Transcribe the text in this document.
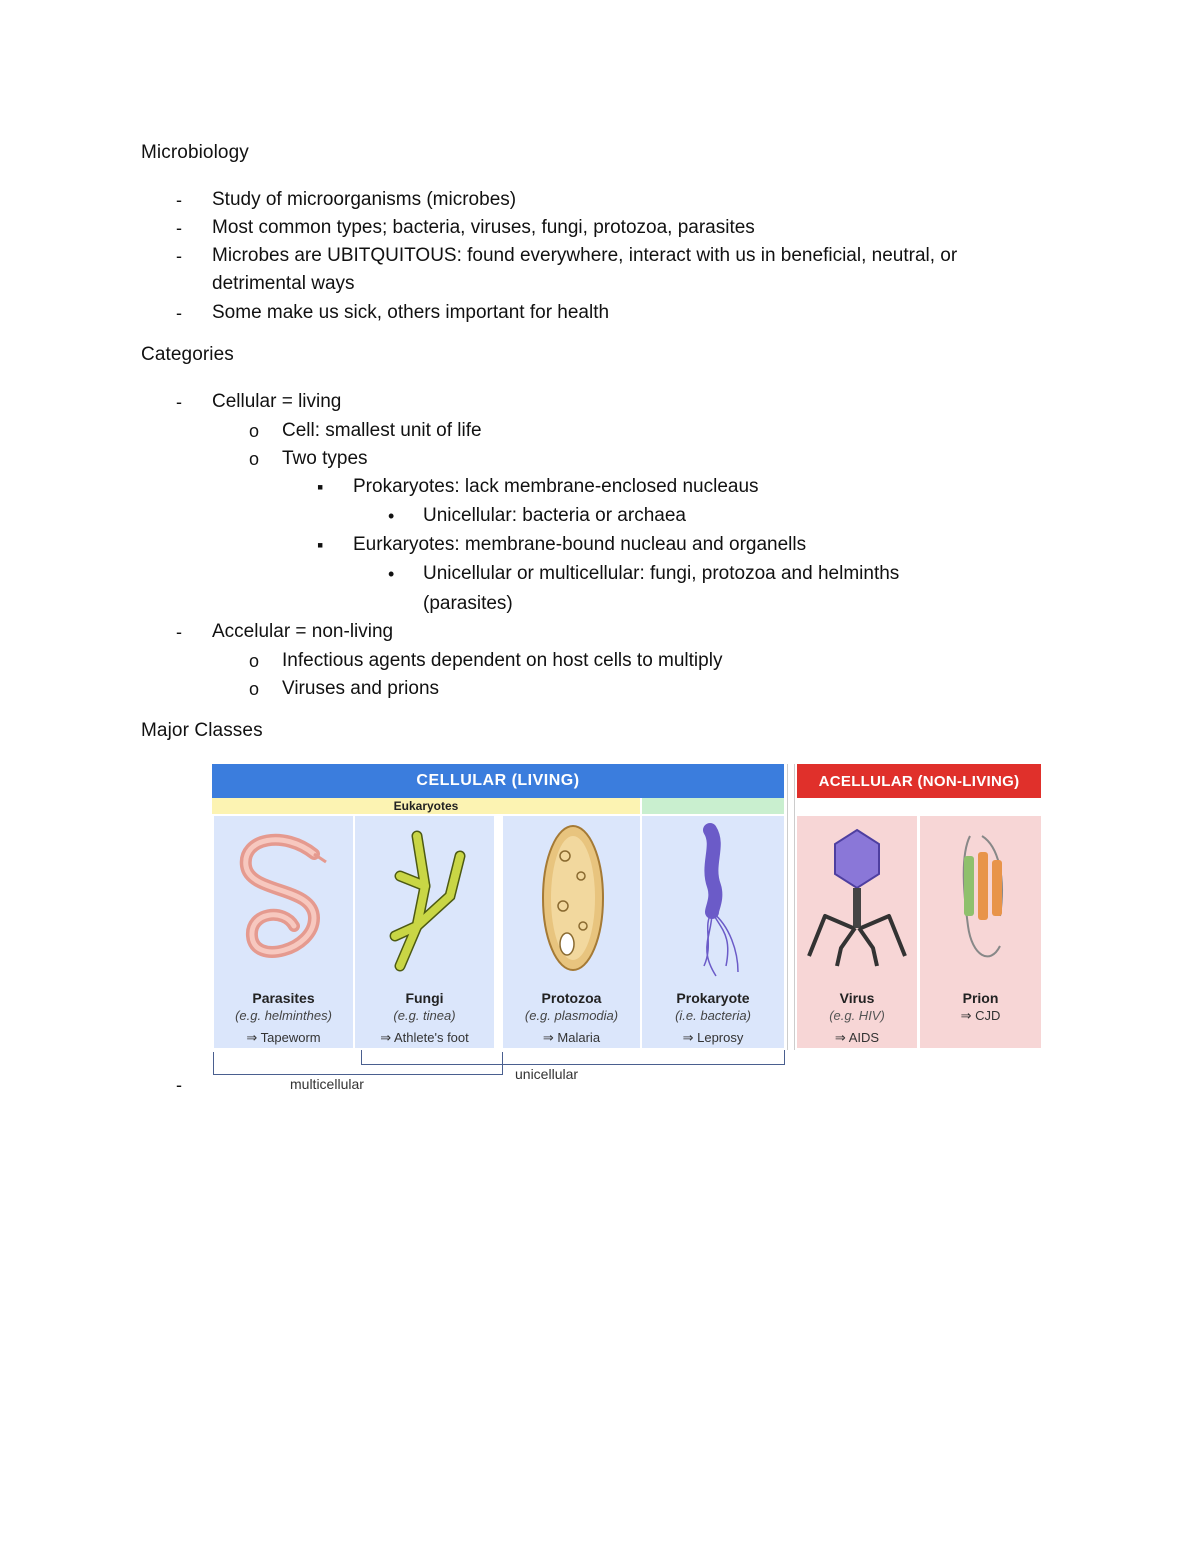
Microbiology
- Study of microorganisms (microbes)
- Most common types; bacteria, viruses, fungi, protozoa, parasites
- Microbes are UBITQUITOUS: found everywhere, interact with us in beneficial, neutral, or
detrimental ways
- Some make us sick, others important for health
Categories
- Cellular = living
o Cell: smallest unit of life
o Two types
▪ Prokaryotes: lack membrane-enclosed nucleaus
• Unicellular: bacteria or archaea
▪ Eurkaryotes: membrane-bound nucleau and organells
• Unicellular or multicellular: fungi, protozoa and helminths
(parasites)
- Accelular = non-living
o Infectious agents dependent on host cells to multiply
o Viruses and prions
Major Classes
-
CELLULAR (LIVING)	ACELLULAR (NON-LIVING)
Eukaryotes
Parasites
(e.g. helminthes)
⇒ Tapeworm
Fungi
(e.g. tinea)
⇒ Athlete's foot
Protozoa
(e.g. plasmodia)
⇒ Malaria
Prokaryote
(i.e. bacteria)
⇒ Leprosy
Virus
(e.g. HIV)
⇒ AIDS
Prion
⇒ CJD
multicellular
unicellular
